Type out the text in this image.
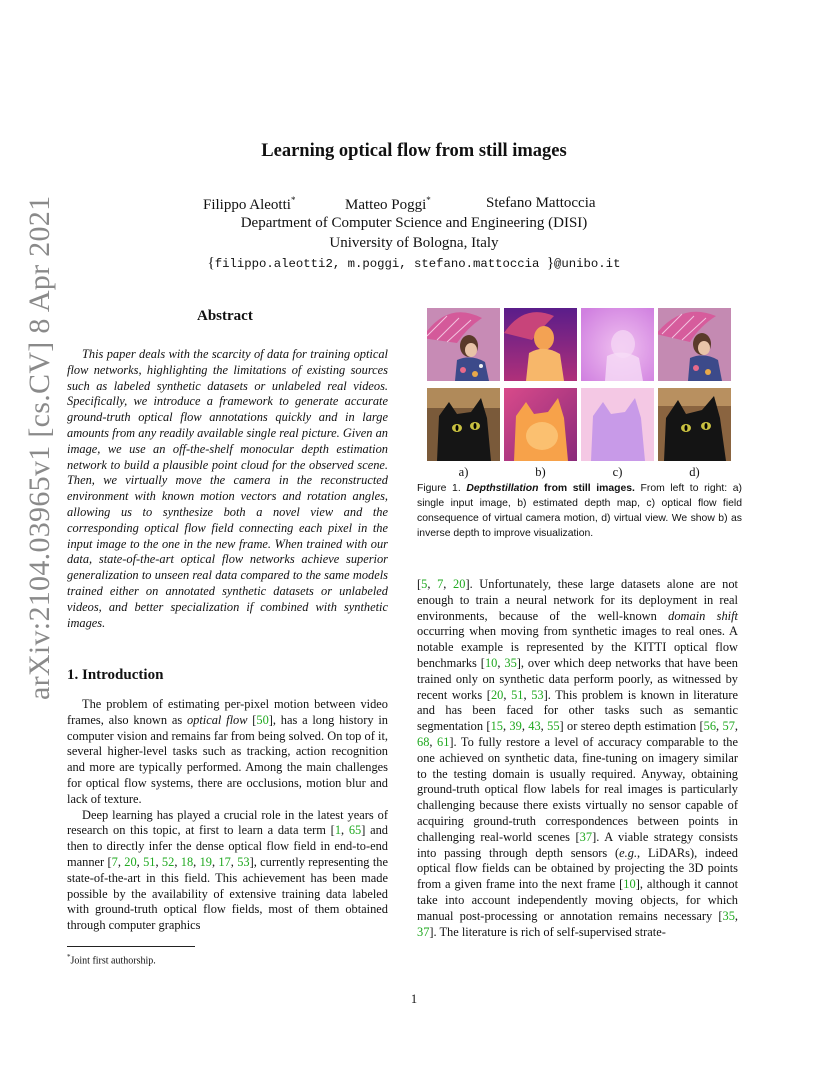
Learning optical flow from still images
Filippo Aleotti*	Matteo Poggi*	Stefano Mattoccia
Department of Computer Science and Engineering (DISI)
University of Bologna, Italy
{filippo.aleotti2, m.poggi, stefano.mattoccia }@unibo.it
arXiv:2104.03965v1 [cs.CV] 8 Apr 2021	Abstract

This paper deals with the scarcity of data for training optical flow networks, highlighting the limitations of existing sources such as labeled synthetic datasets or unlabeled real videos. Specifically, we introduce a framework to generate accurate ground-truth optical flow annotations quickly and in large amounts from any readily available single real picture. Given an image, we use an off-the-shelf monocular depth estimation network to build a plausible point cloud for the observed scene. Then, we virtually move the camera in the reconstructed environment with known motion vectors and rotation angles, allowing us to synthesize both a novel view and the corresponding optical flow field connecting each pixel in the input image to the one in the new frame. When trained with our data, state-of-the-art optical flow networks achieve superior generalization to unseen real data compared to the same models trained either on annotated synthetic datasets or unlabeled videos, and better specialization if combined with synthetic images.

1. Introduction

The problem of estimating per-pixel motion between video frames, also known as optical flow [50], has a long history in computer vision and remains far from being solved. On top of it, several higher-level tasks such as tracking, action recognition and more are typically performed. Among the main challenges for optical flow systems, there are occlusions, motion blur and lack of texture.

Deep learning has played a crucial role in the latest years of research on this topic, at first to learn a data term [1, 65] and then to directly infer the dense optical flow field in end-to-end manner [7, 20, 51, 52, 18, 19, 17, 53], currently representing the state-of-the-art in this field. This achievement has been made possible by the availability of extensive training data labeled with ground-truth optical flow fields, most of them obtained through computer graphics

a)	b)	c)	d)
Figure 1. Depthstillation from still images. From left to right: a) single input image, b) estimated depth map, c) optical flow field consequence of virtual camera motion, d) virtual view. We show b) as inverse depth to improve visualization.

[5, 7, 20]. Unfortunately, these large datasets alone are not enough to train a neural network for its deployment in real environments, because of the well-known domain shift occurring when moving from synthetic images to real ones. A notable example is represented by the KITTI optical flow benchmarks [10, 35], over which deep networks that have been trained only on synthetic data perform poorly, as witnessed by recent works [20, 51, 53]. This problem is known in literature and has been faced for other tasks such as semantic segmentation [15, 39, 43, 55] or stereo depth estimation [56, 57, 68, 61]. To fully restore a level of accuracy comparable to the one achieved on synthetic data, fine-tuning on imagery similar to the testing domain is usually required. Anyway, obtaining ground-truth optical flow labels for real images is particularly challenging because there exists virtually no sensor capable of acquiring ground-truth correspondences between points in challenging real-world scenes [37]. A viable strategy consists into passing through depth sensors (e.g., LiDARs), indeed optical flow fields can be obtained by projecting the 3D points from a given frame into the next frame [10], although it cannot take into account independently moving objects, for which manual post-processing or annotation remains necessary [35, 37]. The literature is rich of self-supervised strate-

*Joint first authorship.
1
